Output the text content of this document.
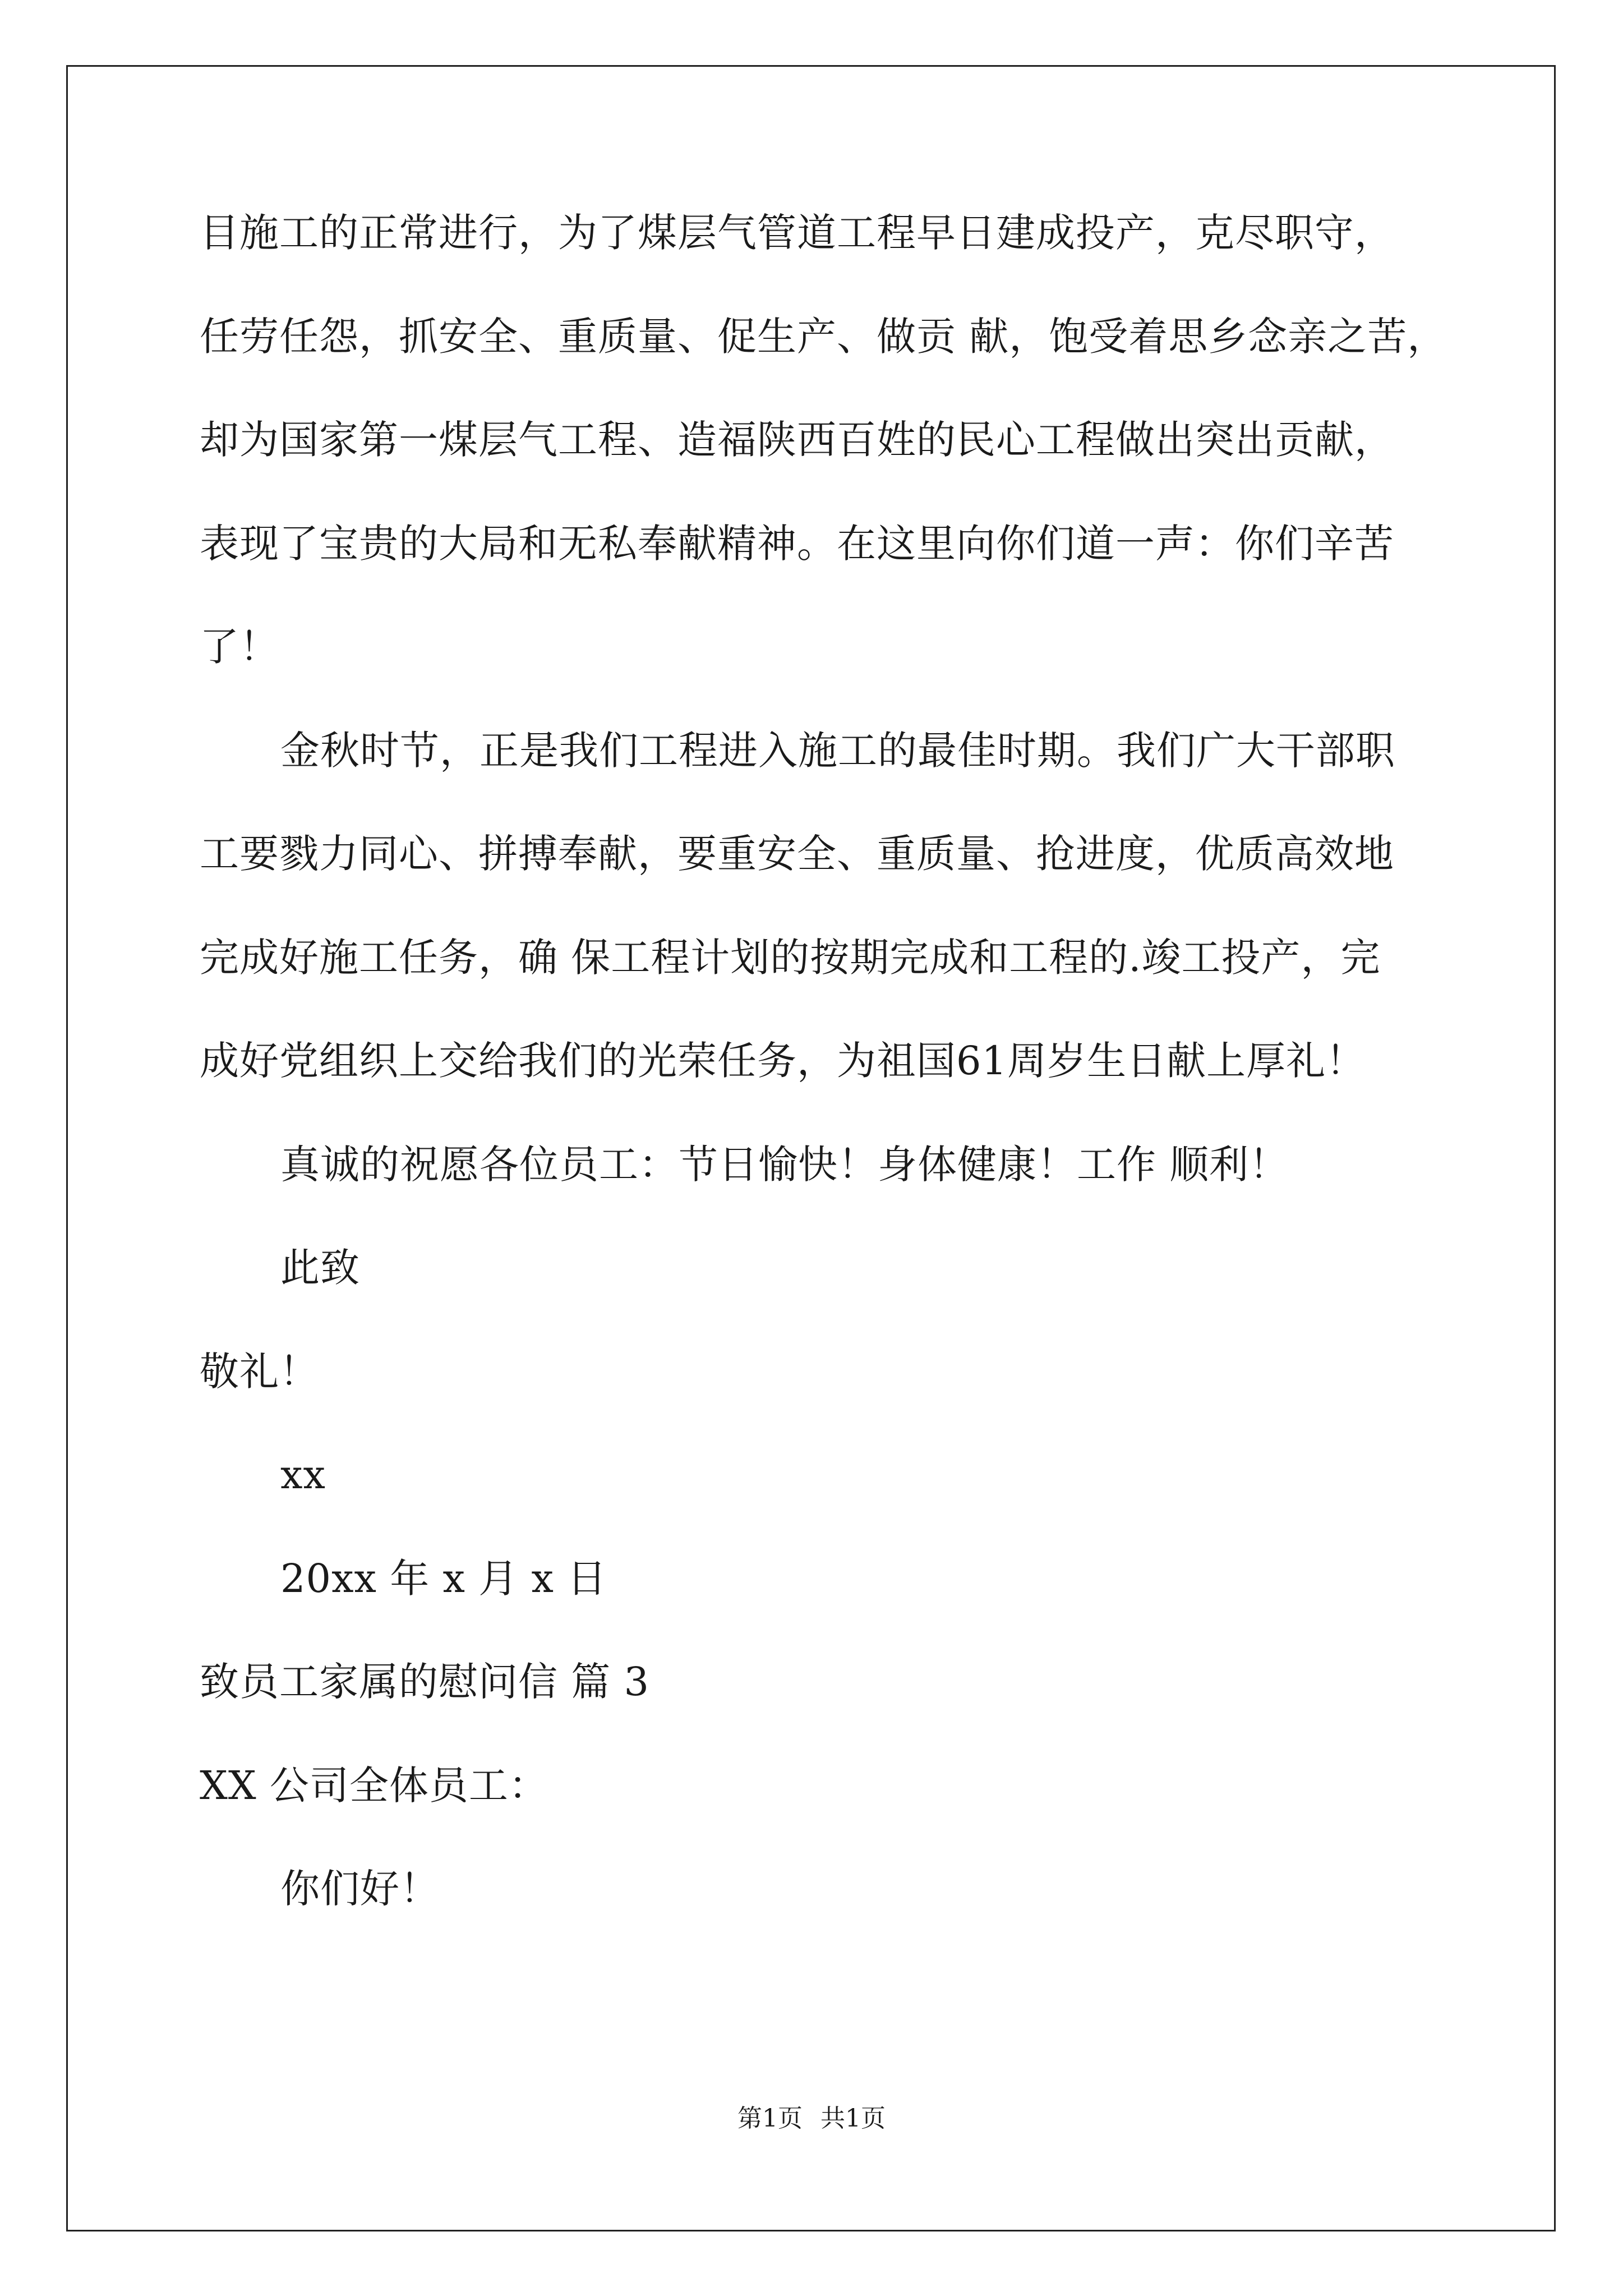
目施工的正常进行，为了煤层气管道工程早日建成投产，克尽职守，
任劳任怨，抓安全、重质量、促生产、做贡 献，饱受着思乡念亲之苦，
却为国家第一煤层气工程、造福陕西百姓的民心工程做出突出贡献，
表现了宝贵的大局和无私奉献精神。在这里向你们道一声：你们辛苦
了！
金秋时节，正是我们工程进入施工的最佳时期。我们广大干部职
工要戮力同心、拼搏奉献，要重安全、重质量、抢进度，优质高效地
完成好施工任务，确 保工程计划的按期完成和工程的.竣工投产，完
成好党组织上交给我们的光荣任务，为祖国61周岁生日献上厚礼！
真诚的祝愿各位员工：节日愉快！身体健康！工作 顺利！
此致
敬礼！
xx
20xx 年 x 月 x 日
致员工家属的慰问信 篇 3
XX 公司全体员工：
你们好！
第1页 共1页
